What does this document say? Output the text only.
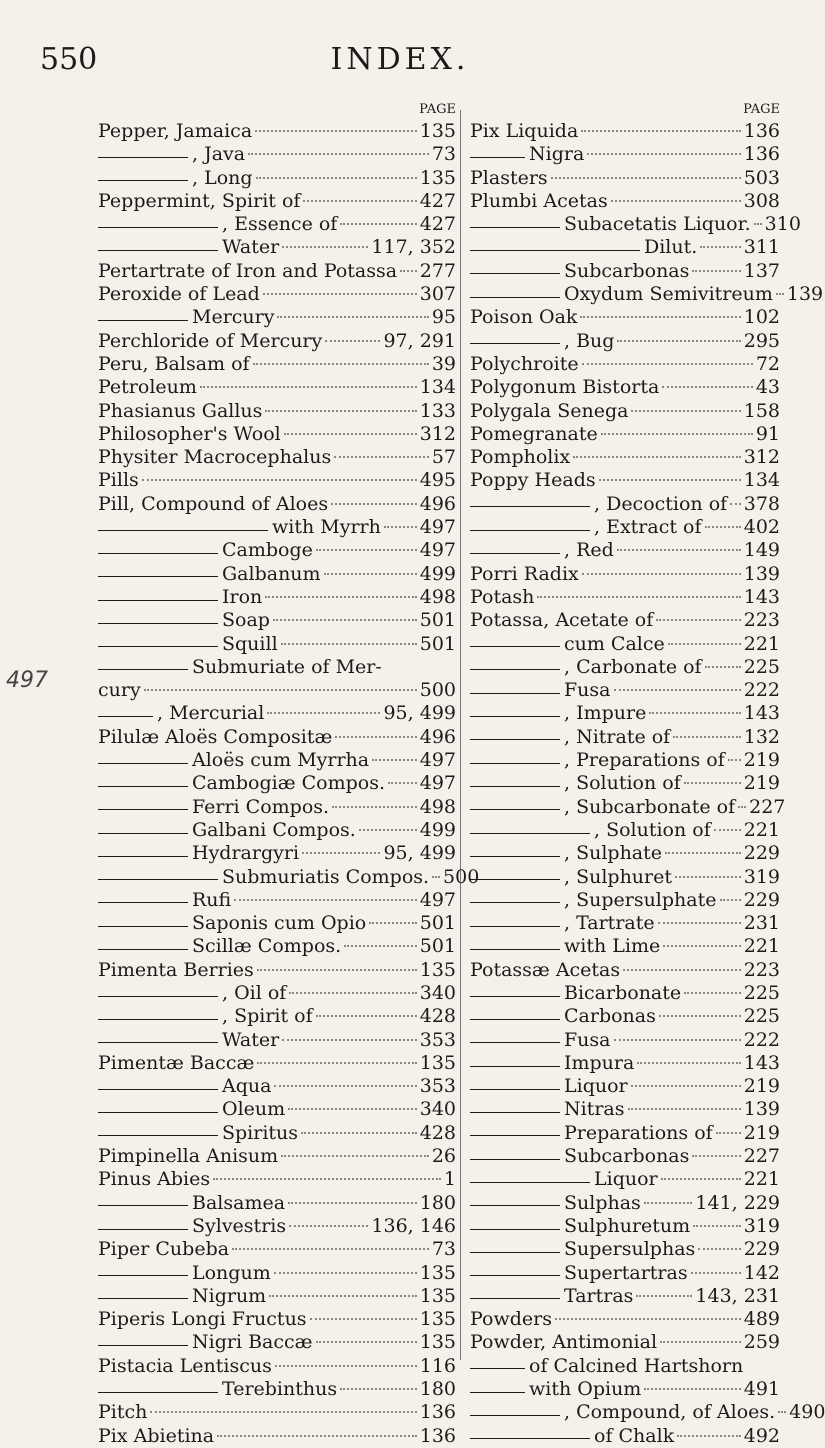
550	INDEX.
497
PAGE
Pepper, Jamaica	135
, Java	73
, Long	135
Peppermint, Spirit of	427
, Essence of	427
Water	117, 352
Pertartrate of Iron and Potassa 277
Peroxide of Lead	307
Mercury	95
Perchloride of Mercury	97, 291
Peru, Balsam of	39
Petroleum	134
Phasianus Gallus	133
Philosopher's Wool	312
Physiter Macrocephalus	57
Pills	495
Pill, Compound of Aloes	496
with Myrrh 497
Camboge	497
Galbanum	499
Iron	498
Soap	501
Squill	501
Submuriate of Mer-
cury	500
, Mercurial	95, 499
Pilulæ Aloës Compositæ	496
Aloës cum Myrrha	497
Cambogiæ Compos. 497
Ferri Compos.	498
Galbani Compos.	499
Hydrargyri	95, 499
Submuriatis Compos. 500
Rufi	497
Saponis cum Opio	501
Scillæ Compos.	501
Pimenta Berries	135
, Oil of	340
, Spirit of	428
Water	353
Pimentæ Baccæ	135
Aqua	353
Oleum	340
Spiritus	428
Pimpinella Anisum	26
Pinus Abies	1
Balsamea	180
Sylvestris	136, 146
Piper Cubeba	73
Longum	135
Nigrum	135
Piperis Longi Fructus	135
Nigri Baccæ	135
Pistacia Lentiscus	116
Terebinthus	180
Pitch	136
Pix Abietina	136
PAGE
Pix Liquida	136
Nigra	136
Plasters	503
Plumbi Acetas	308
Subacetatis Liquor. 310
Dilut. 311
Subcarbonas	137
Oxydum Semivitreum 139
Poison Oak	102
, Bug	295
Polychroite	72
Polygonum Bistorta	43
Polygala Senega	158
Pomegranate	91
Pompholix	312
Poppy Heads	134
, Decoction of 378
, Extract of 402
, Red	149
Porri Radix	139
Potash	143
Potassa, Acetate of	223
cum Calce	221
, Carbonate of 225
Fusa	222
, Impure	143
, Nitrate of	132
, Preparations of 219
, Solution of	219
, Subcarbonate of 227
, Solution of 221
, Sulphate	229
, Sulphuret	319
, Supersulphate 229
, Tartrate	231
with Lime	221
Potassæ Acetas	223
Bicarbonate	225
Carbonas	225
Fusa	222
Impura	143
Liquor	219
Nitras	139
Preparations of 219
Subcarbonas	227
Liquor	221
Sulphas	141, 229
Sulphuretum	319
Supersulphas	229
Supertartras	142
Tartras	143, 231
Powders	489
Powder, Antimonial	259
of Calcined Hartshorn
with Opium	491
, Compound, of Aloes. 490
of Chalk	492
